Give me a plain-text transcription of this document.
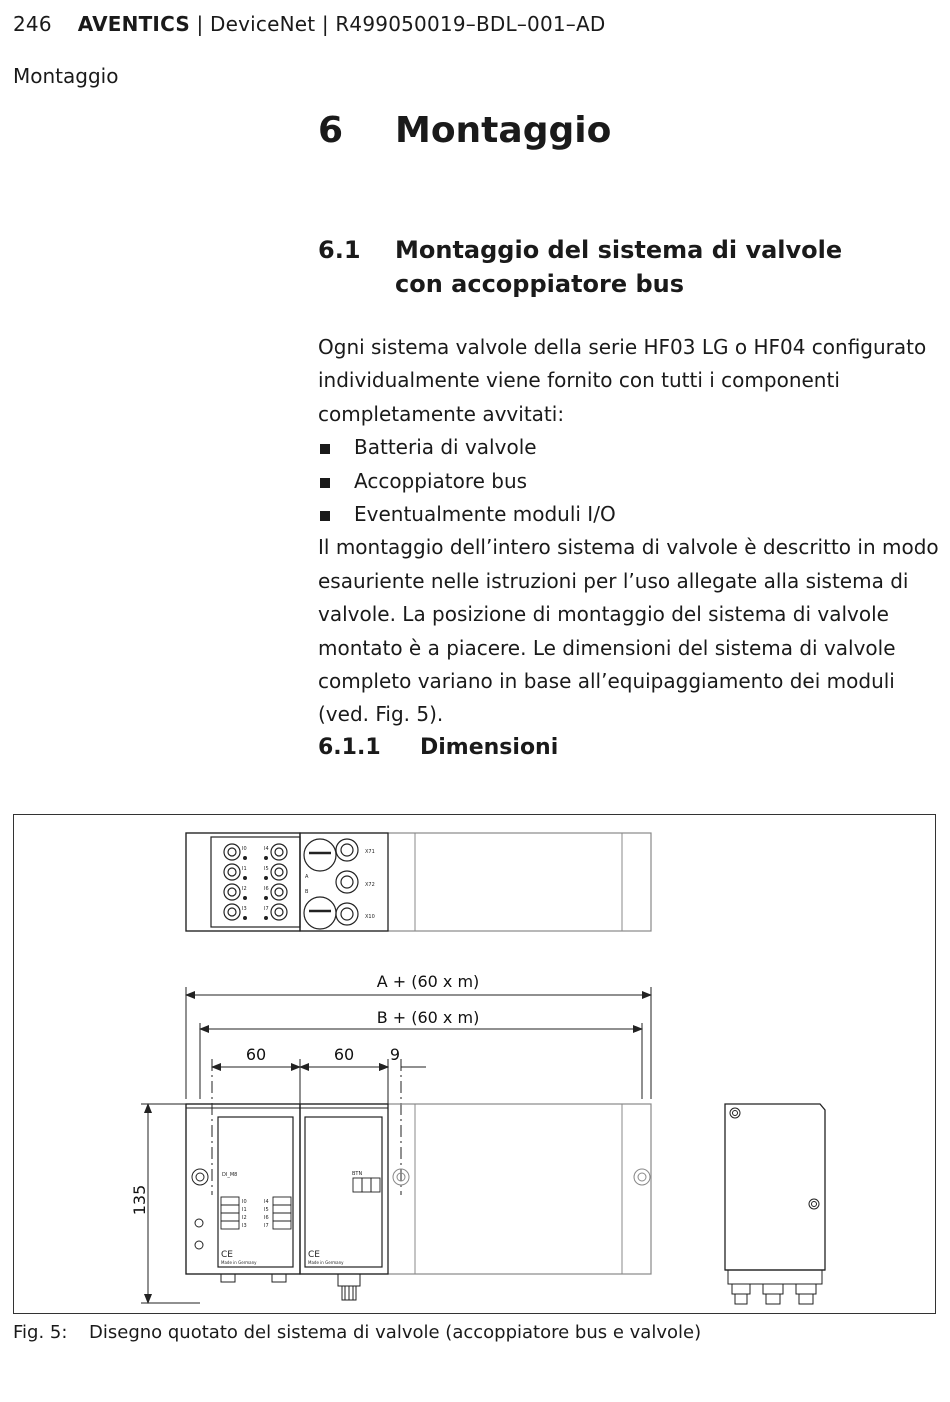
246 AVENTICS | DeviceNet | R499050019–BDL–001–AD
Montaggio
6 Montaggio
6.1 Montaggio del sistema di valvole con accoppiatore bus

Ogni sistema valvole della serie HF03 LG o HF04 configurato individualmente viene fornito con tutti i componenti completamente avvitati:

Batteria di valvole
Accoppiatore bus
Eventualmente moduli I/O

Il montaggio dell’intero sistema di valvole è descritto in modo esauriente nelle istruzioni per l’uso allegate alla sistema di valvole. La posizione di montaggio del sistema di valvole montato è a piacere. Le dimensioni del sistema di valvole completo variano in base all’equipaggiamento dei moduli (ved. Fig. 5).

6.1.1 Dimensioni
I0
I1
I2
I3
I4
I5
I6
I7
X71
X72
X10
A
B
A + (60 x m)
B + (60 x m)
60	60 9
135
DI_M8
I0
I1
I2
I3
I4
I5
I6
I7
BTN
Made in Germany	Made in Germany
CE	CE
Fig. 5: Disegno quotato del sistema di valvole (accoppiatore bus e valvole)
